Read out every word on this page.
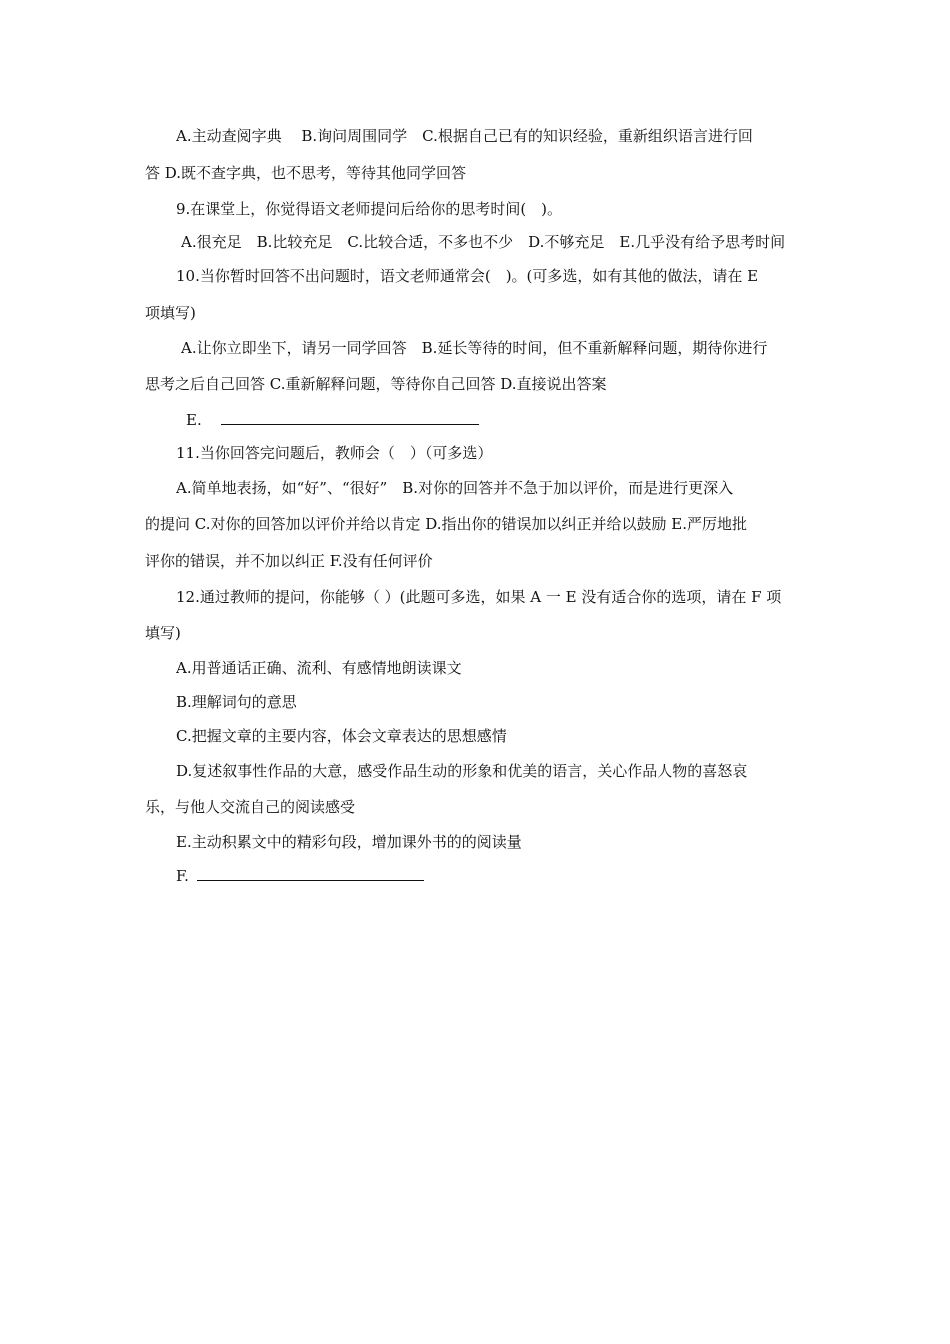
A.主动查阅字典　 B.询问周围同学　C.根据自己已有的知识经验，重新组织语言进行回
答 D.既不查字典，也不思考，等待其他同学回答
9.在课堂上，你觉得语文老师提问后给你的思考时间(　)。
A.很充足　B.比较充足　C.比较合适，不多也不少　D.不够充足　E.几乎没有给予思考时间
10.当你暂时回答不出问题时，语文老师通常会(　)。(可多选，如有其他的做法，请在 E
项填写)
A.让你立即坐下，请另一同学回答　B.延长等待的时间，但不重新解释问题，期待你进行
思考之后自己回答 C.重新解释问题，等待你自己回答 D.直接说出答案
E.
11.当你回答完问题后，教师会（　）（可多选）
A.简单地表扬，如“好”、“很好”　B.对你的回答并不急于加以评价，而是进行更深入
的提问 C.对你的回答加以评价并给以肯定 D.指出你的错误加以纠正并给以鼓励 E.严厉地批
评你的错误，并不加以纠正 F.没有任何评价
12.通过教师的提问，你能够（ ）(此题可多选，如果 A 一 E 没有适合你的选项，请在 F 项
填写)
A.用普通话正确、流利、有感情地朗读课文
B.理解词句的意思
C.把握文章的主要内容，体会文章表达的思想感情
D.复述叙事性作品的大意，感受作品生动的形象和优美的语言，关心作品人物的喜怒哀
乐，与他人交流自己的阅读感受
E.主动积累文中的精彩句段，增加课外书的的阅读量
F.
